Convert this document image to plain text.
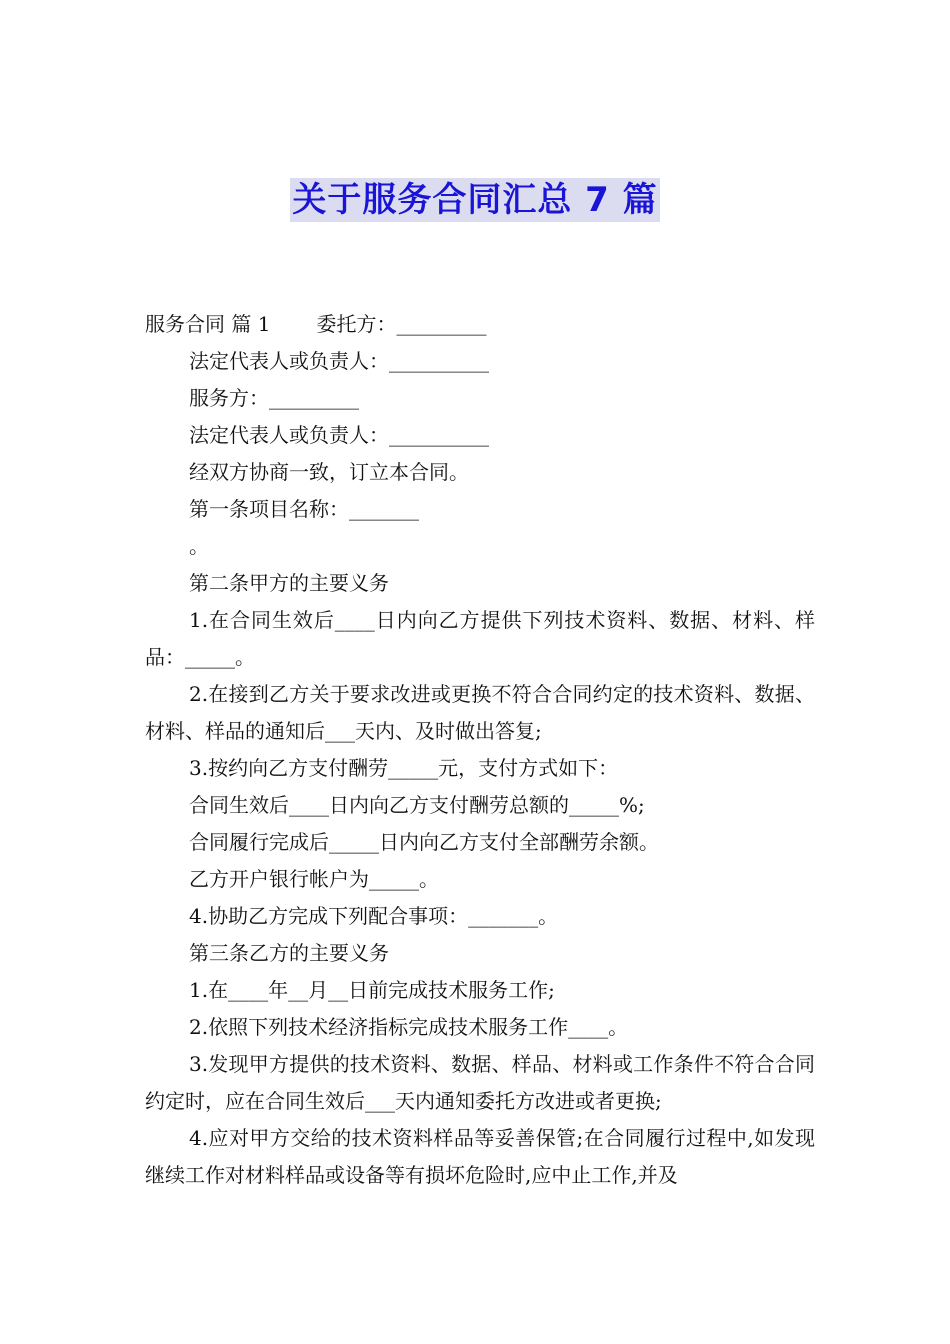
关于服务合同汇总 7 篇
服务合同 篇 1 委托方：_________
法定代表人或负责人：__________
服务方：_________
法定代表人或负责人：__________
经双方协商一致，订立本合同。
第一条项目名称：_______
。
第二条甲方的主要义务
1.在合同生效后____日内向乙方提供下列技术资料、数据、材料、样品：_____。
2.在接到乙方关于要求改进或更换不符合合同约定的技术资料、数据、材料、样品的通知后___天内、及时做出答复;
3.按约向乙方支付酬劳_____元，支付方式如下：
合同生效后____日内向乙方支付酬劳总额的_____%;
合同履行完成后_____日内向乙方支付全部酬劳余额。
乙方开户银行帐户为_____。
4.协助乙方完成下列配合事项：_______。
第三条乙方的主要义务
1.在____年__月__日前完成技术服务工作;
2.依照下列技术经济指标完成技术服务工作____。
3.发现甲方提供的技术资料、数据、样品、材料或工作条件不符合合同约定时，应在合同生效后___天内通知委托方改进或者更换;
4.应对甲方交给的技术资料样品等妥善保管;在合同履行过程中,如发现继续工作对材料样品或设备等有损坏危险时,应中止工作,并及
